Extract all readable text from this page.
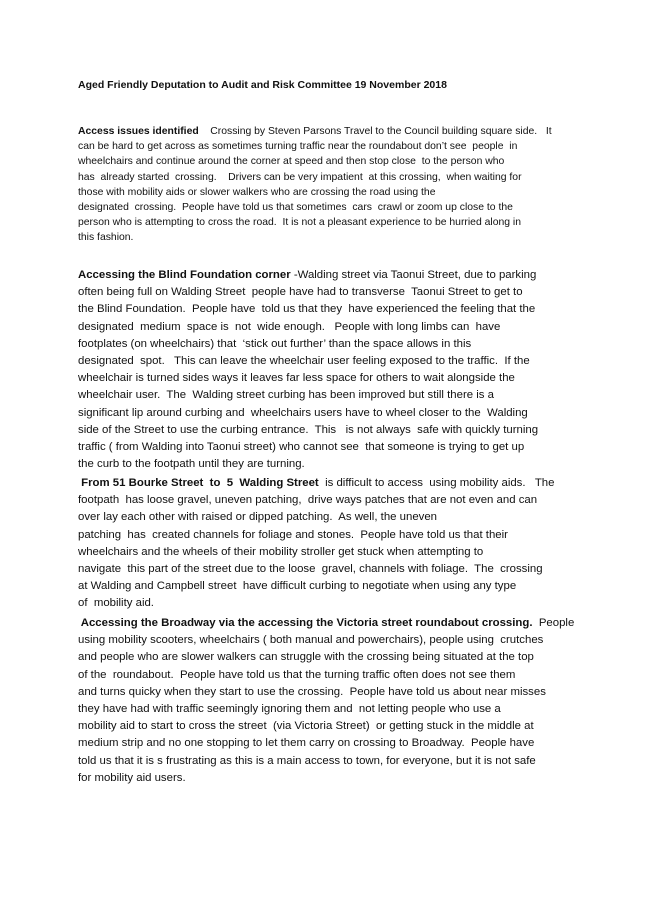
Aged Friendly Deputation to Audit and Risk Committee 19 November 2018
Access issues identified    Crossing by Steven Parsons Travel to the Council building square side.   It
can be hard to get across as sometimes turning traffic near the roundabout don’t see  people  in
wheelchairs and continue around the corner at speed and then stop close  to the person who
has  already started  crossing.    Drivers can be very impatient  at this crossing,  when waiting for
those with mobility aids or slower walkers who are crossing the road using the
designated  crossing.  People have told us that sometimes  cars  crawl or zoom up close to the
person who is attempting to cross the road.  It is not a pleasant experience to be hurried along in
this fashion.
Accessing the Blind Foundation corner -Walding street via Taonui Street, due to parking
often being full on Walding Street  people have had to transverse  Taonui Street to get to
the Blind Foundation.  People have  told us that they  have experienced the feeling that the
designated  medium  space is  not  wide enough.   People with long limbs can  have
footplates (on wheelchairs) that  ‘stick out further’ than the space allows in this
designated  spot.   This can leave the wheelchair user feeling exposed to the traffic.  If the
wheelchair is turned sides ways it leaves far less space for others to wait alongside the
wheelchair user.  The  Walding street curbing has been improved but still there is a
significant lip around curbing and  wheelchairs users have to wheel closer to the  Walding
side of the Street to use the curbing entrance.  This   is not always  safe with quickly turning
traffic ( from Walding into Taonui street) who cannot see  that someone is trying to get up
the curb to the footpath until they are turning.
From 51 Bourke Street  to  5  Walding Street  is difficult to access  using mobility aids.   The
footpath  has loose gravel, uneven patching,  drive ways patches that are not even and can
over lay each other with raised or dipped patching.  As well, the uneven
patching  has  created channels for foliage and stones.  People have told us that their
wheelchairs and the wheels of their mobility stroller get stuck when attempting to
navigate  this part of the street due to the loose  gravel, channels with foliage.  The  crossing
at Walding and Campbell street  have difficult curbing to negotiate when using any type
of  mobility aid.
Accessing the Broadway via the accessing the Victoria street roundabout crossing.  People
using mobility scooters, wheelchairs ( both manual and powerchairs), people using  crutches
and people who are slower walkers can struggle with the crossing being situated at the top
of the  roundabout.  People have told us that the turning traffic often does not see them
and turns quicky when they start to use the crossing.  People have told us about near misses
they have had with traffic seemingly ignoring them and  not letting people who use a
mobility aid to start to cross the street  (via Victoria Street)  or getting stuck in the middle at
medium strip and no one stopping to let them carry on crossing to Broadway.  People have
told us that it is s frustrating as this is a main access to town, for everyone, but it is not safe
for mobility aid users.
